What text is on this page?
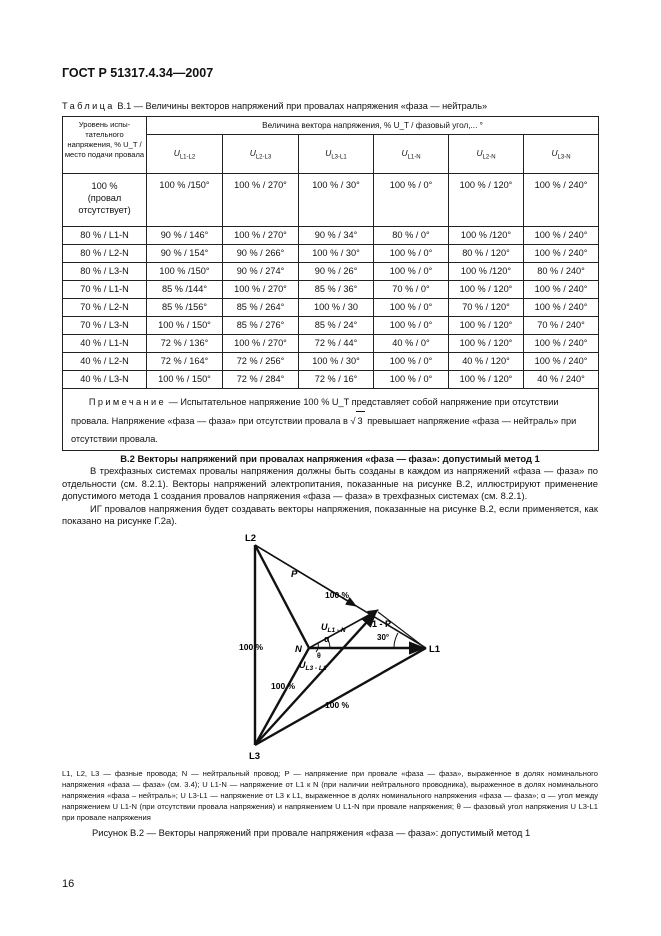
ГОСТ Р 51317.4.34—2007
Таблица В.1 — Величины векторов напряжений при провалах напряжения «фаза — нейтраль»
Уровень испы-тательного напряжения, % U_T / место подачи провала	Величина вектора напряжения, % U_T / фазовый угол,... °					
	$U_{L1-L2}$	$U_{L2-L3}$	$U_{L3-L1}$	$U_{L1-N}$	$U_{L2-N}$	$U_{L3-N}$
100 % (провал отсутствует)	100 % /150°	100 % / 270°	100 % / 30°	100 % / 0°	100 % / 120°	100 % / 240°
80 % / L1-N	90 % / 146°	100 % / 270°	90 % / 34°	80 % / 0°	100 % /120°	100 % / 240°
80 % / L2-N	90 % / 154°	90 % / 266°	100 % / 30°	100 % / 0°	80 % / 120°	100 % / 240°
80 % / L3-N	100 % /150°	90 % / 274°	90 % / 26°	100 % / 0°	100 % /120°	80 % / 240°
70 % / L1-N	85 % /144°	100 % / 270°	85 % / 36°	70 % / 0°	100 % / 120°	100 % / 240°
70 % / L2-N	85 % /156°	85 % / 264°	100 % / 30	100 % / 0°	70 % / 120°	100 % / 240°
70 % / L3-N	100 % / 150°	85 % / 276°	85 % / 24°	100 % / 0°	100 % / 120°	70 % / 240°
40 % / L1-N	72 % / 136°	100 % / 270°	72 % / 44°	40 % / 0°	100 % / 120°	100 % / 240°
40 % / L2-N	72 % / 164°	72 % / 256°	100 % / 30°	100 % / 0°	40 % / 120°	100 % / 240°
40 % / L3-N	100 % / 150°	72 % / 284°	72 % / 16°	100 % / 0°	100 % / 120°	40 % / 240°
Примечание — Испытательное напряжение 100 % U_T представляет собой напряжение при отсутствии провала. Напряжение «фаза — фаза» при отсутствии провала в √ 3 превышает напряжение «фаза — нейтраль» при отсутствии провала.						
В.2 Векторы напряжений при провалах напряжения «фаза — фаза»: допустимый метод 1

В трехфазных системах провалы напряжения должны быть созданы в каждом из напряжений «фаза — фаза» по отдельности (см. 8.2.1). Векторы напряжений электропитания, показанные на рисунке В.2, иллюстрируют применение допустимого метода 1 создания провалов напряжения «фаза — фаза» в трехфазных системах (см. 8.2.1).

ИГ провалов напряжения будет создавать векторы напряжения, показанные на рисунке В.2, если применяется, как показано на рисунке Г.2а).

L2
L3
L1
N
P
100 %
100 %
100 %
100 %
1 - P
30°
α
θ
$U_{L1 - N}$
$U_{L3 - L1}$
L1, L2, L3 — фазные провода; N — нейтральный провод; P — напряжение при провале «фаза — фаза», выраженное в долях номинального напряжения «фаза — фаза» (см. 3.4); U L1-N — напряжение от L1 к N (при наличии нейтрального проводника), выраженное в долях номинального напряжения «фаза – нейтраль»; U L3-L1 — напряжение от L3 к L1, выраженное в долях номинального напряжения «фаза — фаза»; α — угол между напряжением U L1-N (при отсутствии провала напряжения) и напряжением U L1-N при провале напряжения; θ — фазовый угол напряжения U L3-L1 при провале напряжения
Рисунок В.2 — Векторы напряжений при провале напряжения «фаза — фаза»: допустимый метод 1
16
